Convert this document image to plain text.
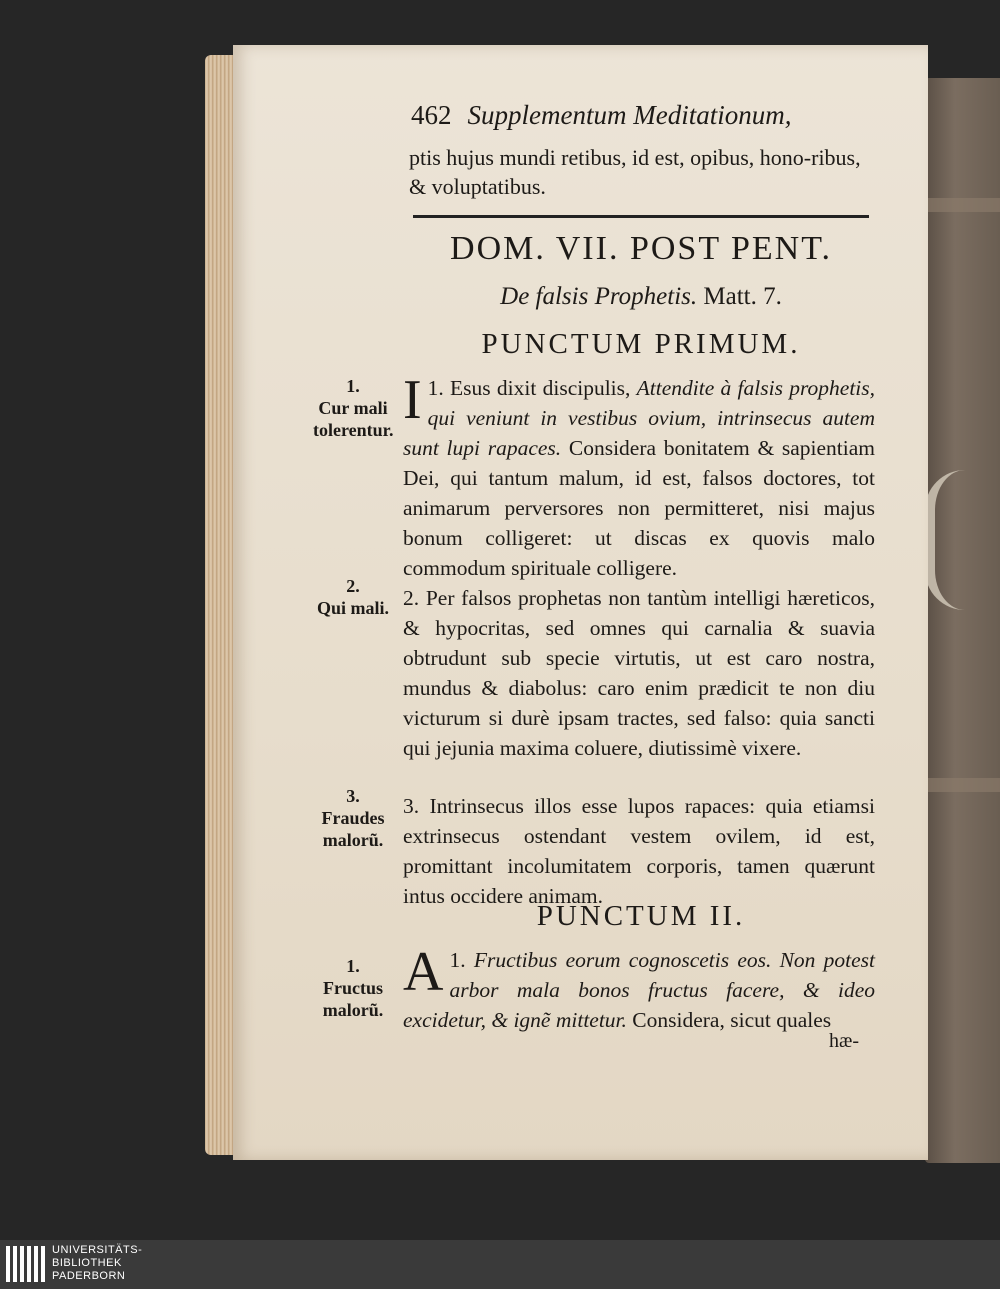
462 Supplementum Meditationum,
ptis hujus mundi retibus, id est, opibus, hono-ribus, & voluptatibus.
DOM. VII. POST PENT.
De falsis Prophetis. Matt. 7.
PUNCTUM PRIMUM.
1.
I Esus dixit discipulis, Attendite à falsis prophetis, qui veniunt in vestibus ovium, intrinsecus autem sunt lupi rapaces. Considera bonitatem & sapientiam Dei, qui tantum malum, id est, falsos doctores, tot animarum perversores non permitteret, nisi majus bonum colligeret: ut discas ex quovis malo commodum spirituale colligere.
2. Per falsos prophetas non tantùm intelligi hæreticos, & hypocritas, sed omnes qui carnalia & suavia obtrudunt sub specie virtutis, ut est caro nostra, mundus & diabolus: caro enim prædicit te non diu victurum si durè ipsam tractes, sed falso: quia sancti qui jejunia maxima coluere, diutissimè vixere.
3. Intrinsecus illos esse lupos rapaces: quia etiamsi extrinsecus ostendant vestem ovilem, id est, promittant incolumitatem corporis, tamen quærunt intus occidere animam.
PUNCTUM II.
1.
A Fructibus eorum cognoscetis eos. Non potest arbor mala bonos fructus facere, & ideo excidetur, & ignẽ mittetur. Considera, sicut quales
hæ-
1.
Cur mali tolerentur.
2.
Qui mali.
3.
Fraudes malorũ.
1.
Fructus malorũ.
UNIVERSITÄTS-
BIBLIOTHEK
PADERBORN
